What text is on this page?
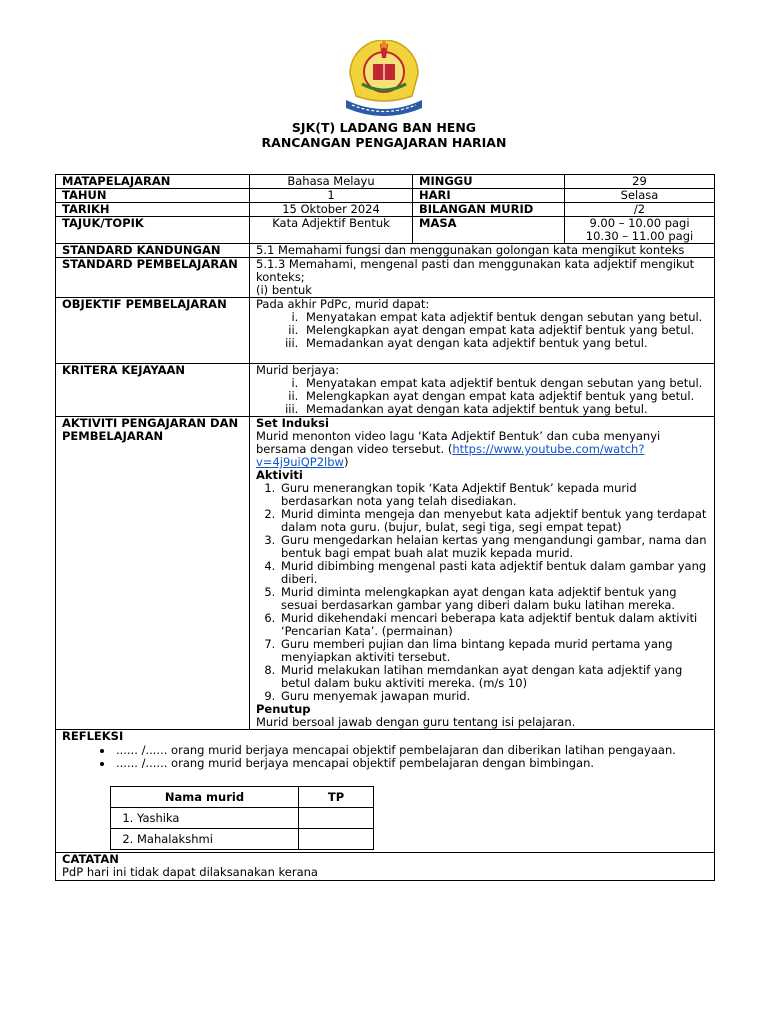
SJK(T) LADANG BAN HENG
RANCANGAN PENGAJARAN HARIAN
MATAPELAJARAN	Bahasa Melayu	MINGGU	29
TAHUN	1	HARI	Selasa
TARIKH	15 Oktober 2024	BILANGAN MURID	/2
TAJUK/TOPIK	Kata Adjektif Bentuk	MASA	9.00 – 10.00 pagi
10.30 – 11.00 pagi

STANDARD KANDUNGAN	5.1 Memahami fungsi dan menggunakan golongan kata mengikut konteks
STANDARD PEMBELAJARAN	5.1.3 Memahami, mengenal pasti dan menggunakan kata adjektif mengikut konteks;
(i) bentuk

OBJEKTIF PEMBELAJARAN	Pada akhir PdPc, murid dapat:
i. Menyatakan empat kata adjektif bentuk dengan sebutan yang betul.
ii. Melengkapkan ayat dengan empat kata adjektif bentuk yang betul.
iii. Memadankan ayat dengan kata adjektif bentuk yang betul.

KRITERA KEJAYAAN	Murid berjaya:
i. Menyatakan empat kata adjektif bentuk dengan sebutan yang betul.
ii. Melengkapkan ayat dengan empat kata adjektif bentuk yang betul.
iii. Memadankan ayat dengan kata adjektif bentuk yang betul.

AKTIVITI PENGAJARAN DAN PEMBELAJARAN	
Set Induksi
Murid menonton video lagu ‘Kata Adjektif Bentuk’ dan cuba menyanyi bersama dengan video tersebut. (https://www.youtube.com/watch?v=4j9uiQP2lbw)
Aktiviti
1. Guru menerangkan topik ‘Kata Adjektif Bentuk’ kepada murid berdasarkan nota yang telah disediakan.
2. Murid diminta mengeja dan menyebut kata adjektif bentuk yang terdapat dalam nota guru. (bujur, bulat, segi tiga, segi empat tepat)
3. Guru mengedarkan helaian kertas yang mengandungi gambar, nama dan bentuk bagi empat buah alat muzik kepada murid.
4. Murid dibimbing mengenal pasti kata adjektif bentuk dalam gambar yang diberi.
5. Murid diminta melengkapkan ayat dengan kata adjektif bentuk yang sesuai berdasarkan gambar yang diberi dalam buku latihan mereka.
6. Murid dikehendaki mencari beberapa kata adjektif bentuk dalam aktiviti ‘Pencarian Kata’. (permainan)
7. Guru memberi pujian dan lima bintang kepada murid pertama yang menyiapkan aktiviti tersebut.
8. Murid melakukan latihan memdankan ayat dengan kata adjektif yang betul dalam buku aktiviti mereka. (m/s 10)
9. Guru menyemak jawapan murid.
Penutup
Murid bersoal jawab dengan guru tentang isi pelajaran.

REFLEKSI
• ...... /...... orang murid berjaya mencapai objektif pembelajaran dan diberikan latihan pengayaan.
• ...... /...... orang murid berjaya mencapai objektif pembelajaran dengan bimbingan.
Nama murid	TP

1. Yashika

2. Mahalakshmi

CATATAN
PdP hari ini tidak dapat dilaksanakan kerana
